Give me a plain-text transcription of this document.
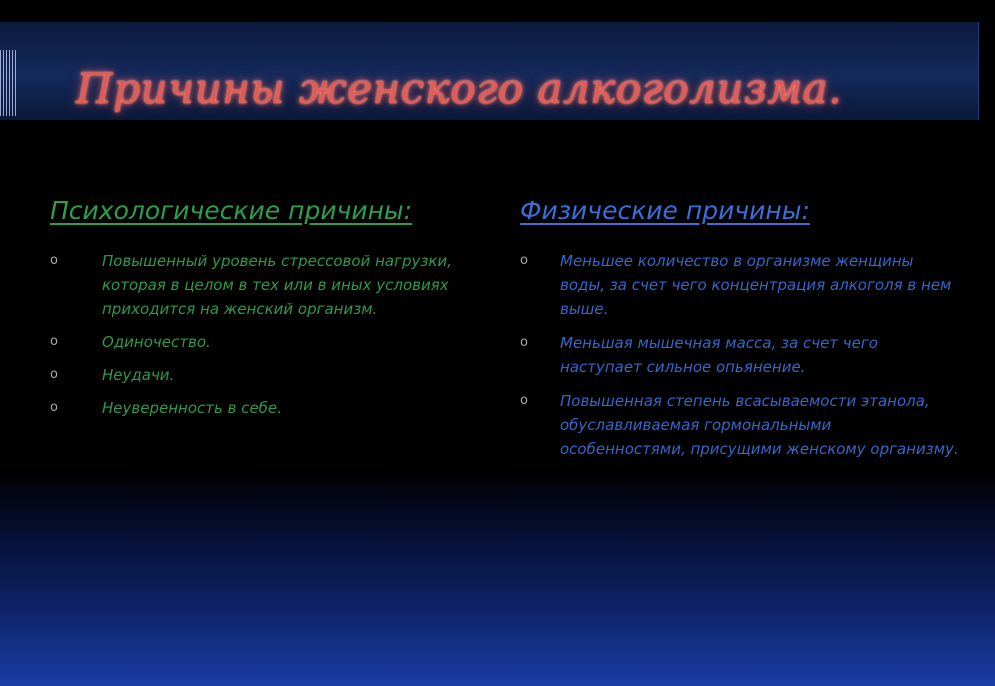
Причины женского алкоголизма.
Психологические причины:
o	Повышенный уровень стрессовой нагрузки, которая в целом в тех или в иных условиях приходится на женский организм.
o	Одиночество.
o	Неудачи.
o	Неуверенность в себе.
Физические причины:
o Меньшее количество в организме женщины воды, за счет чего концентрация алкоголя в нем выше.
o Меньшая мышечная масса, за счет чего наступает сильное опьянение.
o Повышенная степень всасываемости этанола, обуславливаемая гормональными особенностями, присущими женскому организму.
